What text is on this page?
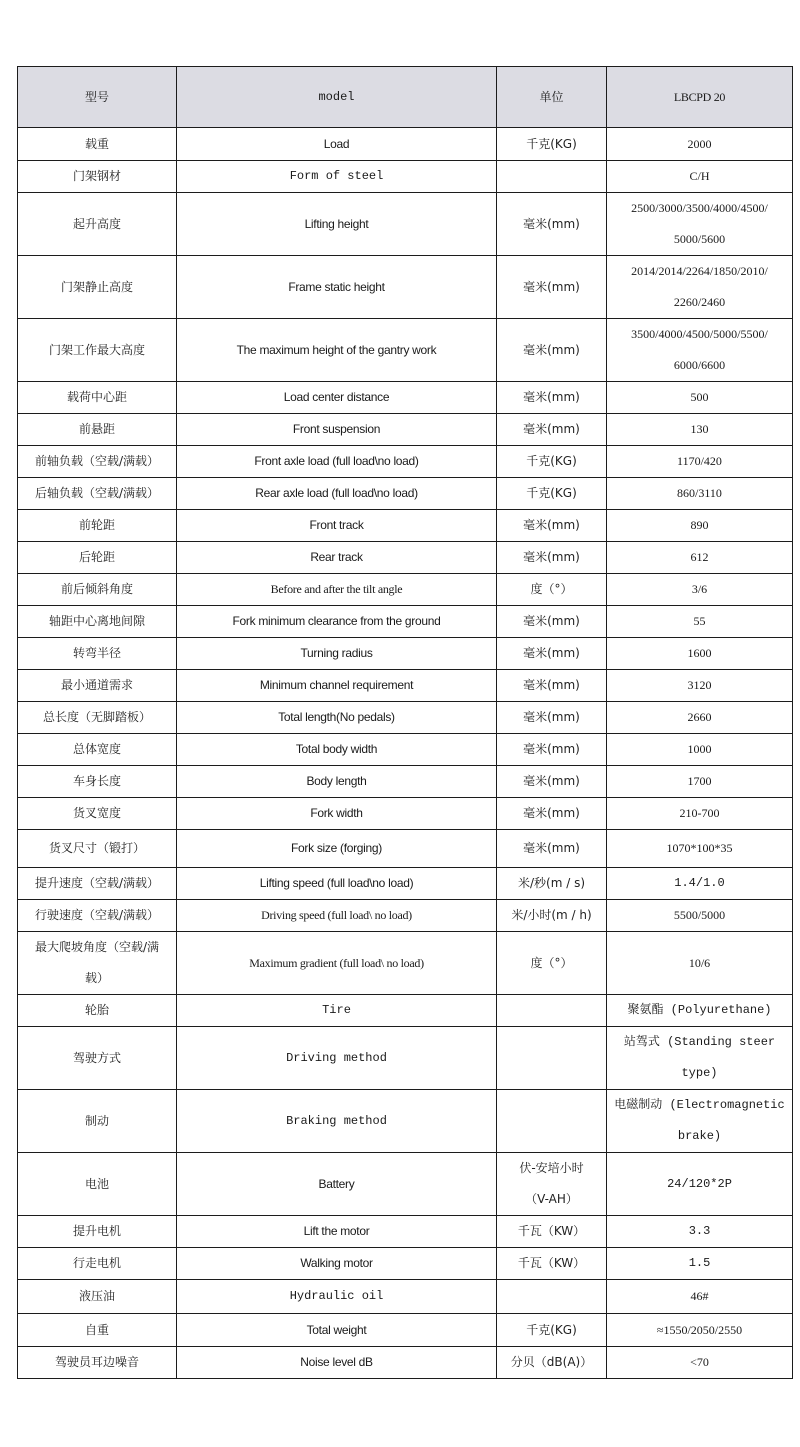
型号	model	单位	LBCPD 20
载重	Load	千克(KG)	2000
门架钢材	Form of steel		C/H
起升高度	Lifting height	毫米(mm)	2500/3000/3500/4000/4500/
5000/5600

门架静止高度	Frame static height	毫米(mm)	2014/2014/2264/1850/2010/
2260/2460

门架工作最大高度	The maximum height of the gantry work	毫米(mm)	3500/4000/4500/5000/5500/
6000/6600

载荷中心距	Load center distance	毫米(mm)	500
前悬距	Front suspension	毫米(mm)	130
前轴负载（空载/满载）	Front axle load (full load\no load)	千克(KG)	1170/420
后轴负载（空载/满载）	Rear axle load (full load\no load)	千克(KG)	860/3110
前轮距	Front track	毫米(mm)	890
后轮距	Rear track	毫米(mm)	612
前后倾斜角度	Before and after the tilt angle	度（°）	3/6
轴距中心离地间隙	Fork minimum clearance from the ground	毫米(mm)	55
转弯半径	Turning radius	毫米(mm)	1600
最小通道需求	Minimum channel requirement	毫米(mm)	3120
总长度（无脚踏板）	Total length(No pedals)	毫米(mm)	2660
总体宽度	Total body width	毫米(mm)	1000
车身长度	Body length	毫米(mm)	1700
货叉宽度	Fork width	毫米(mm)	210-700
货叉尺寸（锻打）	Fork size (forging)	毫米(mm)	1070*100*35
提升速度（空载/满载）	Lifting speed (full load\no load)	米/秒(m / s)	1.4/1.0
行驶速度（空载/满载）	Driving speed (full load\ no load)	米/小时(m / h)	5500/5000

最大爬坡角度（空载/满
载）	Maximum gradient (full load\ no load)	度（°）	10/6
轮胎	Tire		聚氨酯 (Polyurethane)
驾驶方式	Driving method		站驾式 (Standing steer
type)

制动	Braking method		电磁制动 (Electromagnetic
brake)

电池	Battery	伏-安培小时
（V-AH）	24/120*2P
提升电机	Lift the motor	千瓦（KW）	3.3
行走电机	Walking motor	千瓦（KW）	1.5
液压油	Hydraulic oil		46#
自重	Total weight	千克(KG)	≈1550/2050/2550
驾驶员耳边噪音	Noise level dB	分贝（dB(A)）	<70
